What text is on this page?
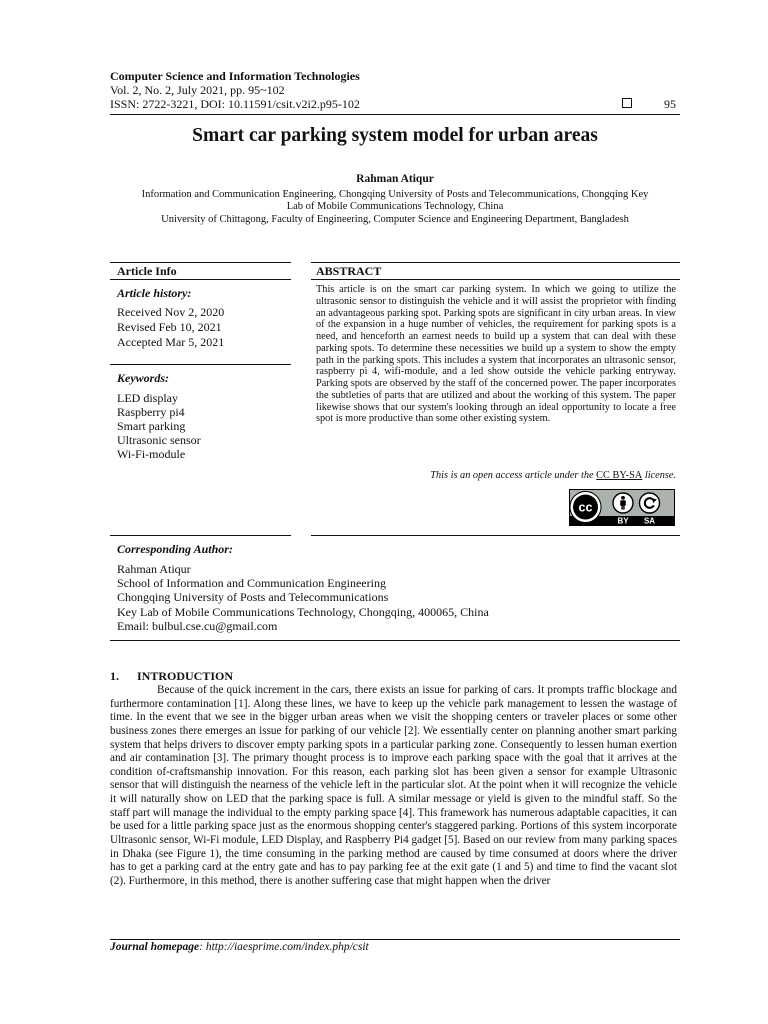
Computer Science and Information Technologies
Vol. 2, No. 2, July 2021, pp. 95~102
ISSN: 2722-3221, DOI: 10.11591/csit.v2i2.p95-102	95
Smart car parking system model for urban areas
Rahman Atiqur
Information and Communication Engineering, Chongqing University of Posts and Telecommunications, Chongqing Key
Lab of Mobile Communications Technology, China
University of Chittagong, Faculty of Engineering, Computer Science and Engineering Department, Bangladesh
Article Info	ABSTRACT
Article history:
Received Nov 2, 2020
Revised Feb 10, 2021
Accepted Mar 5, 2021
Keywords:
LED display
Raspberry pi4
Smart parking
Ultrasonic sensor
Wi-Fi-module
This article is on the smart car parking system. In which we going to utilize the ultrasonic sensor to distinguish the vehicle and it will assist the proprietor with finding an advantageous parking spot. Parking spots are significant in city urban areas. In view of the expansion in a huge number of vehicles, the requirement for parking spots is a need, and henceforth an earnest needs to build up a system that can deal with these parking spots. To determine these necessities we build up a system to show the empty path in the parking spots. This includes a system that incorporates an ultrasonic sensor, raspberry pi 4, wifi-module, and a led show outside the vehicle parking entryway. Parking spots are observed by the staff of the concerned power. The paper incorporates the subtleties of parts that are utilized and about the working of this system. The paper likewise shows that our system's looking through an ideal opportunity to locate a free spot is more productive than some other existing system.
This is an open access article under the CC BY-SA license.
cc
BY SA
Corresponding Author:
Rahman Atiqur
School of Information and Communication Engineering
Chongqing University of Posts and Telecommunications
Key Lab of Mobile Communications Technology, Chongqing, 400065, China
Email: bulbul.cse.cu@gmail.com
1. INTRODUCTION
Because of the quick increment in the cars, there exists an issue for parking of cars. It prompts traffic blockage and furthermore contamination [1]. Along these lines, we have to keep up the vehicle park management to lessen the wastage of time. In the event that we see in the bigger urban areas when we visit the shopping centers or traveler places or some other business zones there emerges an issue for parking of our vehicle [2]. We essentially center on planning another smart parking system that helps drivers to discover empty parking spots in a particular parking zone. Consequently to lessen human exertion and air contamination [3]. The primary thought process is to improve each parking space with the goal that it arrives at the condition of-craftsmanship innovation. For this reason, each parking slot has been given a sensor for example Ultrasonic sensor that will distinguish the nearness of the vehicle left in the particular slot. At the point when it will recognize the vehicle it will naturally show on LED that the parking space is full. A similar message or yield is given to the mindful staff. So the staff part will manage the individual to the empty parking space [4]. This framework has numerous adaptable capacities, it can be used for a little parking space just as the enormous shopping center's staggered parking. Portions of this system incorporate Ultrasonic sensor, Wi-Fi module, LED Display, and Raspberry Pi4 gadget [5]. Based on our review from many parking spaces in Dhaka (see Figure 1), the time consuming in the parking method are caused by time consumed at doors where the driver has to get a parking card at the entry gate and has to pay parking fee at the exit gate (1 and 5) and time to find the vacant slot (2). Furthermore, in this method, there is another suffering case that might happen when the driver
Journal homepage: http://iaesprime.com/index.php/csit
